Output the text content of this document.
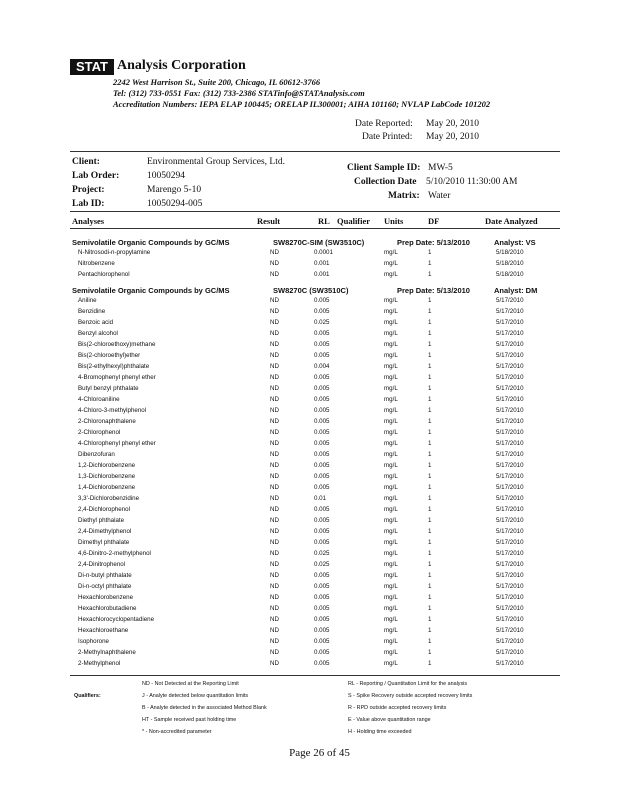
STAT Analysis Corporation
2242 West Harrison St., Suite 200, Chicago, IL 60612-3766
Tel: (312) 733-0551 Fax: (312) 733-2386 STATinfo@STATAnalysis.com
Accreditation Numbers: IEPA ELAP 100445; ORELAP IL300001; AIHA 101160; NVLAP LabCode 101202
Date Reported: May 20, 2010
Date Printed: May 20, 2010
Client:	Environmental Group Services, Ltd.
Lab Order:	10050294
Project:	Marengo 5-10
Lab ID:	10050294-005
Client Sample ID: MW-5
Collection Date 5/10/2010 11:30:00 AM
Matrix: Water
Analyses	Result	RL Qualifier Units	DF	Date Analyzed
Semivolatile Organic Compounds by GC/MS	SW8270C-SIM (SW3510C)	Prep Date: 5/13/2010	Analyst: VS
N-Nitrosodi-n-propylamine	ND	0.0001	mg/L	1	5/18/2010
Nitrobenzene	ND	0.001	mg/L	1	5/18/2010
Pentachlorophenol	ND	0.001	mg/L	1	5/18/2010
Semivolatile Organic Compounds by GC/MS	SW8270C (SW3510C)	Prep Date: 5/13/2010	Analyst: DM
Aniline	ND	0.005	mg/L	1	5/17/2010
Benzidine	ND	0.005	mg/L	1	5/17/2010
Benzoic acid	ND	0.025	mg/L	1	5/17/2010
Benzyl alcohol	ND	0.005	mg/L	1	5/17/2010
Bis(2-chloroethoxy)methane	ND	0.005	mg/L	1	5/17/2010
Bis(2-chloroethyl)ether	ND	0.005	mg/L	1	5/17/2010
Bis(2-ethylhexyl)phthalate	ND	0.004	mg/L	1	5/17/2010
4-Bromophenyl phenyl ether	ND	0.005	mg/L	1	5/17/2010
Butyl benzyl phthalate	ND	0.005	mg/L	1	5/17/2010
4-Chloroaniline	ND	0.005	mg/L	1	5/17/2010
4-Chloro-3-methylphenol	ND	0.005	mg/L	1	5/17/2010
2-Chloronaphthalene	ND	0.005	mg/L	1	5/17/2010
2-Chlorophenol	ND	0.005	mg/L	1	5/17/2010
4-Chlorophenyl phenyl ether	ND	0.005	mg/L	1	5/17/2010
Dibenzofuran	ND	0.005	mg/L	1	5/17/2010
1,2-Dichlorobenzene	ND	0.005	mg/L	1	5/17/2010
1,3-Dichlorobenzene	ND	0.005	mg/L	1	5/17/2010
1,4-Dichlorobenzene	ND	0.005	mg/L	1	5/17/2010
3,3'-Dichlorobenzidine	ND	0.01	mg/L	1	5/17/2010
2,4-Dichlorophenol	ND	0.005	mg/L	1	5/17/2010
Diethyl phthalate	ND	0.005	mg/L	1	5/17/2010
2,4-Dimethylphenol	ND	0.005	mg/L	1	5/17/2010
Dimethyl phthalate	ND	0.005	mg/L	1	5/17/2010
4,6-Dinitro-2-methylphenol	ND	0.025	mg/L	1	5/17/2010
2,4-Dinitrophenol	ND	0.025	mg/L	1	5/17/2010
Di-n-butyl phthalate	ND	0.005	mg/L	1	5/17/2010
Di-n-octyl phthalate	ND	0.005	mg/L	1	5/17/2010
Hexachlorobenzene	ND	0.005	mg/L	1	5/17/2010
Hexachlorobutadiene	ND	0.005	mg/L	1	5/17/2010
Hexachlorocyclopentadiene	ND	0.005	mg/L	1	5/17/2010
Hexachloroethane	ND	0.005	mg/L	1	5/17/2010
Isophorone	ND	0.005	mg/L	1	5/17/2010
2-Methylnaphthalene	ND	0.005	mg/L	1	5/17/2010
2-Methylphenol	ND	0.005	mg/L	1	5/17/2010
Qualifiers:
ND - Not Detected at the Reporting Limit
J - Analyte detected below quantitation limits
B - Analyte detected in the associated Method Blank
HT - Sample received past holding time
* - Non-accredited parameter
RL - Reporting / Quantitation Limit for the analysis
S - Spike Recovery outside accepted recovery limits
R - RPD outside accepted recovery limits
E - Value above quantitation range
H - Holding time exceeded
Page 26 of 45
